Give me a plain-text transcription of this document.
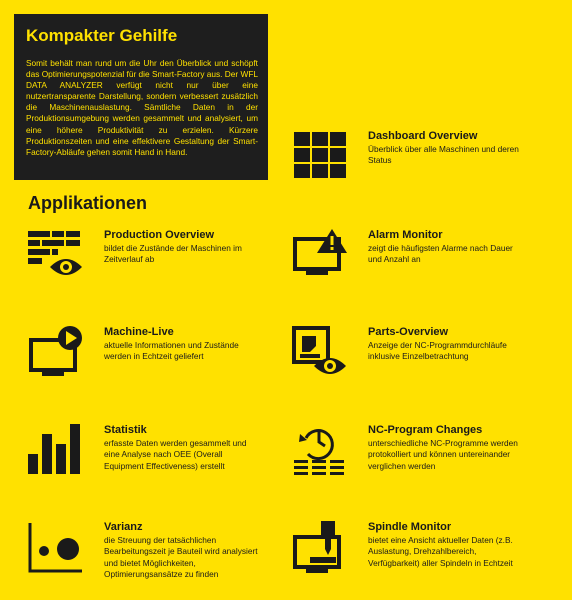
Kompakter Gehilfe

Somit behält man rund um die Uhr den Überblick und schöpft das Optimierungspotenzial für die Smart-Factory aus. Der WFL DATA ANALYZER verfügt nicht nur über eine nutzertransparente Darstellung, sondern verbessert zusätzlich die Maschinenauslastung. Sämtliche Daten in der Produktionsumgebung werden gesammelt und analysiert, um eine höhere Produktivität zu erzielen. Kürzere Produktionszeiten und eine effektivere Gestaltung der Smart-Factory-Abläufe gehen somit Hand in Hand.

Applikationen
Dashboard Overview

Überblick über alle Maschinen und deren Status

Production Overview

bildet die Zustände der Maschinen im Zeitverlauf ab

Alarm Monitor

zeigt die häufigsten Alarme nach Dauer und Anzahl an

Machine-Live

aktuelle Informationen und Zustände werden in Echtzeit geliefert

Parts-Overview

Anzeige der NC-Programmdurchläufe inklusive Einzelbetrachtung

Statistik

erfasste Daten werden gesammelt und eine Analyse nach OEE (Overall Equipment Effectiveness) erstellt

NC-Program Changes

unterschiedliche NC-Programme werden protokolliert und können untereinander verglichen werden

Varianz

die Streuung der tatsächlichen Bearbeitungszeit je Bauteil wird analysiert und bietet Möglichkeiten, Optimierungsansätze zu finden

Spindle Monitor

bietet eine Ansicht aktueller Daten (z.B. Auslastung, Drehzahlbereich, Verfügbarkeit) aller Spindeln in Echtzeit
